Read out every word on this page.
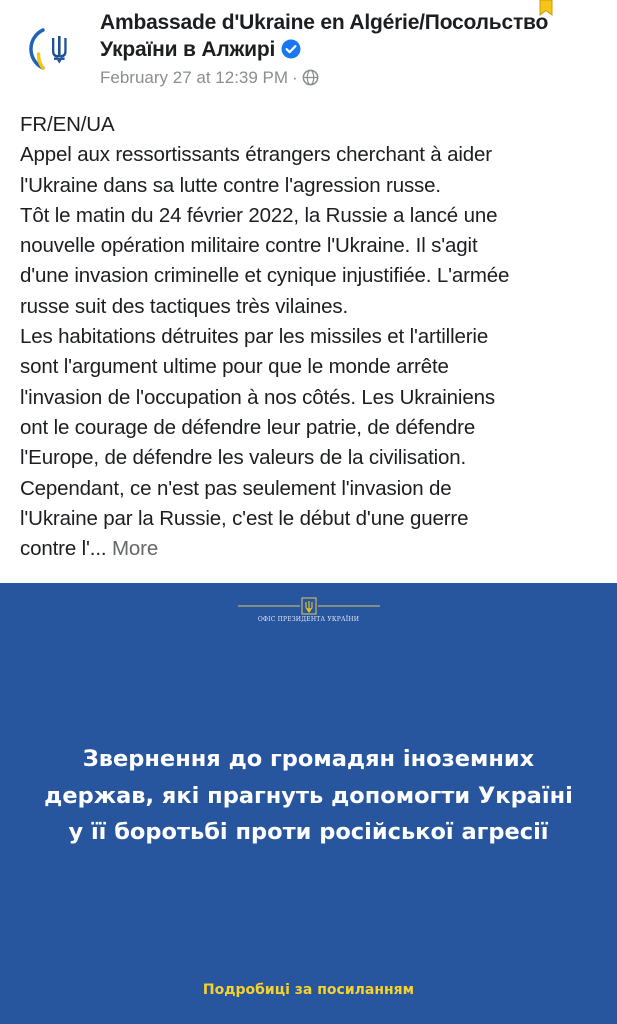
Ambassade d'Ukraine en Algérie/Посольство
України в Алжирі
February 27 at 12:39 PM ·
FR/EN/UA
Appel aux ressortissants étrangers cherchant à aider
l'Ukraine dans sa lutte contre l'agression russe.
Tôt le matin du 24 février 2022, la Russie a lancé une
nouvelle opération militaire contre l'Ukraine. Il s'agit
d'une invasion criminelle et cynique injustifiée. L'armée
russe suit des tactiques très vilaines.
Les habitations détruites par les missiles et l'artillerie
sont l'argument ultime pour que le monde arrête
l'invasion de l'occupation à nos côtés. Les Ukrainiens
ont le courage de défendre leur patrie, de défendre
l'Europe, de défendre les valeurs de la civilisation.
Cependant, ce n'est pas seulement l'invasion de
l'Ukraine par la Russie, c'est le début d'une guerre
contre l'... More
ОФІС ПРЕЗИДЕНТА УКРАЇНИ
Звернення до громадян іноземних
держав, які прагнуть допомогти Україні
у її боротьбі проти російської агресії
Подробиці за посиланням
